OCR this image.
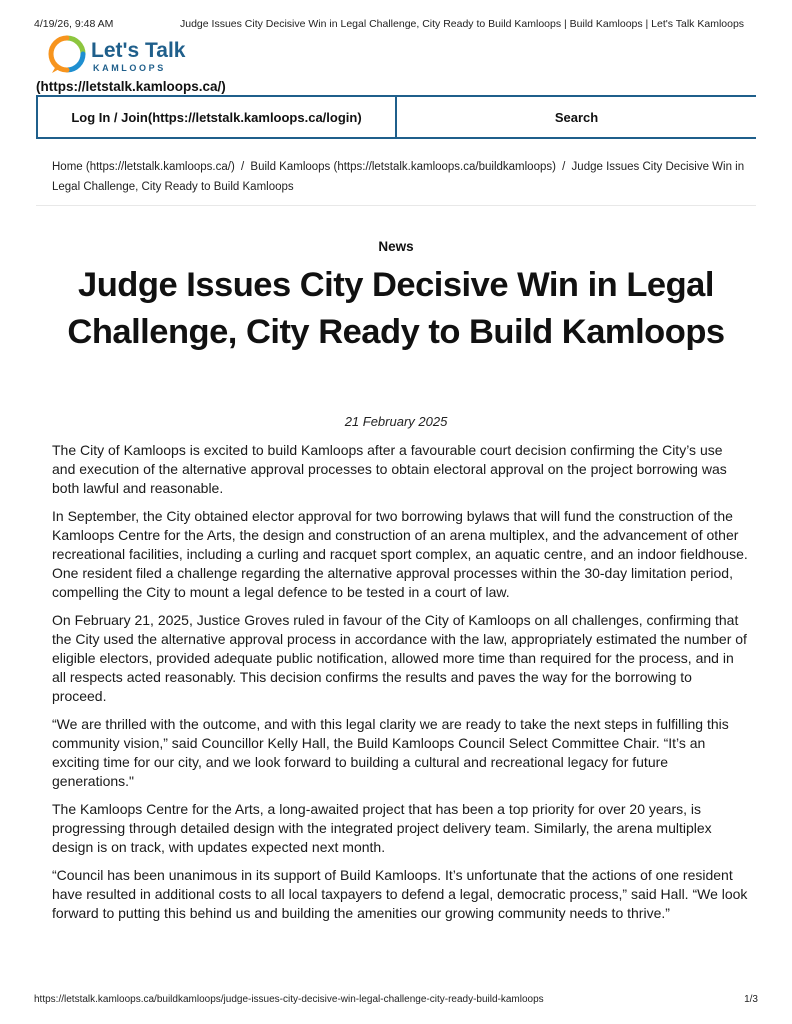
4/19/26, 9:48 AM	Judge Issues City Decisive Win in Legal Challenge, City Ready to Build Kamloops | Build Kamloops | Let's Talk Kamloops
Let's Talk
KAMLOOPS
(https://letstalk.kamloops.ca/)
Log In / Join(https://letstalk.kamloops.ca/login)	Search
Home (https://letstalk.kamloops.ca/) / Build Kamloops (https://letstalk.kamloops.ca/buildkamloops) / Judge Issues City Decisive Win in Legal Challenge, City Ready to Build Kamloops
News
Judge Issues City Decisive Win in Legal Challenge, City Ready to Build Kamloops
21 February 2025

The City of Kamloops is excited to build Kamloops after a favourable court decision confirming the City’s use and execution of the alternative approval processes to obtain electoral approval on the project borrowing was both lawful and reasonable.

In September, the City obtained elector approval for two borrowing bylaws that will fund the construction of the Kamloops Centre for the Arts, the design and construction of an arena multiplex, and the advancement of other recreational facilities, including a curling and racquet sport complex, an aquatic centre, and an indoor fieldhouse. One resident filed a challenge regarding the alternative approval processes within the 30-day limitation period, compelling the City to mount a legal defence to be tested in a court of law.

On February 21, 2025, Justice Groves ruled in favour of the City of Kamloops on all challenges, confirming that the City used the alternative approval process in accordance with the law, appropriately estimated the number of eligible electors, provided adequate public notification, allowed more time than required for the process, and in all respects acted reasonably. This decision confirms the results and paves the way for the borrowing to proceed.

“We are thrilled with the outcome, and with this legal clarity we are ready to take the next steps in fulfilling this community vision,” said Councillor Kelly Hall, the Build Kamloops Council Select Committee Chair. “It’s an exciting time for our city, and we look forward to building a cultural and recreational legacy for future generations."

The Kamloops Centre for the Arts, a long-awaited project that has been a top priority for over 20 years, is progressing through detailed design with the integrated project delivery team. Similarly, the arena multiplex design is on track, with updates expected next month.

“Council has been unanimous in its support of Build Kamloops. It’s unfortunate that the actions of one resident have resulted in additional costs to all local taxpayers to defend a legal, democratic process,” said Hall. “We look forward to putting this behind us and building the amenities our growing community needs to thrive.”

https://letstalk.kamloops.ca/buildkamloops/judge-issues-city-decisive-win-legal-challenge-city-ready-build-kamloops	1/3
